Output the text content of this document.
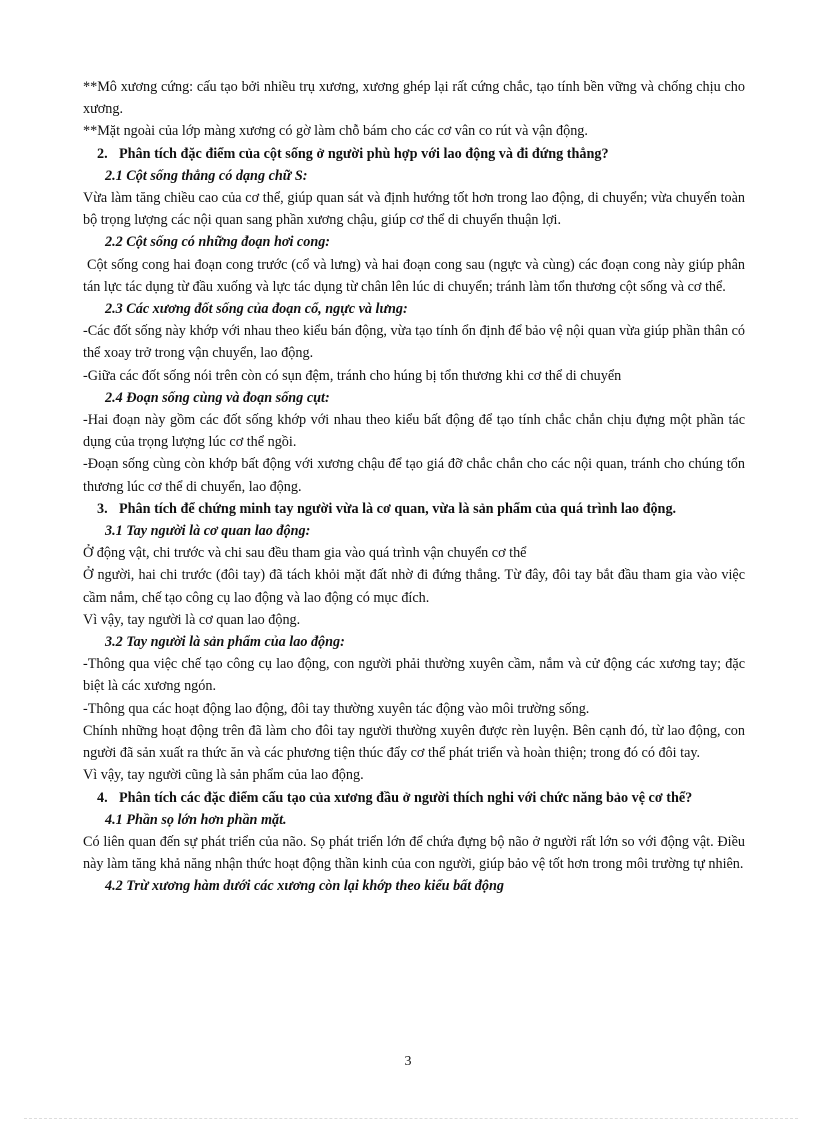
**Mô xương cứng: cấu tạo bởi nhiều trụ xương, xương ghép lại rất cứng chắc, tạo tính bền vững và chống chịu cho xương.

**Mặt ngoài của lớp màng xương có gờ làm chỗ bám cho các cơ vân co rút và vận động.

2. Phân tích đặc điểm của cột sống ở người phù hợp với lao động và đi đứng thẳng?

2.1 Cột sống thẳng có dạng chữ S:

Vừa làm tăng chiều cao của cơ thể, giúp quan sát và định hướng tốt hơn trong lao động, di chuyển; vừa chuyển toàn bộ trọng lượng các nội quan sang phần xương chậu, giúp cơ thể di chuyển thuận lợi.

2.2 Cột sống có những đoạn hơi cong:

Cột sống cong hai đoạn cong trước (cổ và lưng) và hai đoạn cong sau (ngực và cùng) các đoạn cong này giúp phân tán lực tác dụng từ đầu xuống và lực tác dụng từ chân lên lúc di chuyển; tránh làm tổn thương cột sống và cơ thể.

2.3 Các xương đốt sống của đoạn cổ, ngực và lưng:

-Các đốt sống này khớp với nhau theo kiểu bán động, vừa tạo tính ổn định để bảo vệ nội quan vừa giúp phần thân có thể xoay trở trong vận chuyển, lao động.

-Giữa các đốt sống nói trên còn có sụn đệm, tránh cho húng bị tổn thương khi cơ thể di chuyển

2.4 Đoạn sống cùng và đoạn sống cụt:

-Hai đoạn này gồm các đốt sống khớp với nhau theo kiểu bất động để tạo tính chắc chắn chịu đựng một phần tác dụng của trọng lượng lúc cơ thể ngồi.

-Đoạn sống cùng còn khớp bất động với xương chậu để tạo giá đỡ chắc chắn cho các nội quan, tránh cho chúng tổn thương lúc cơ thể di chuyển, lao động.

3. Phân tích để chứng minh tay người vừa là cơ quan, vừa là sản phẩm của quá trình lao động.

3.1 Tay người là cơ quan lao động:

Ở động vật, chi trước và chi sau đều tham gia vào quá trình vận chuyển cơ thể

Ở người, hai chi trước (đôi tay) đã tách khỏi mặt đất nhờ đi đứng thẳng. Từ đây, đôi tay bắt đầu tham gia vào việc cầm nắm, chế tạo công cụ lao động và lao động có mục đích.

Vì vậy, tay người là cơ quan lao động.

3.2 Tay người là sản phẩm của lao động:

-Thông qua việc chế tạo công cụ lao động, con người phải thường xuyên cầm, nắm và cử động các xương tay; đặc biệt là các xương ngón.

-Thông qua các hoạt động lao động, đôi tay thường xuyên tác động vào môi trường sống.

Chính những hoạt động trên đã làm cho đôi tay người thường xuyên được rèn luyện. Bên cạnh đó, từ lao động, con người đã sản xuất ra thức ăn và các phương tiện thúc đẩy cơ thể phát triển và hoàn thiện; trong đó có đôi tay.

Vì vậy, tay người cũng là sản phẩm của lao động.

4. Phân tích các đặc điểm cấu tạo của xương đầu ở người thích nghi với chức năng bảo vệ cơ thể?

4.1 Phần sọ lớn hơn phần mặt.

Có liên quan đến sự phát triển của não. Sọ phát triển lớn để chứa đựng bộ não ở người rất lớn so với động vật. Điều này làm tăng khả năng nhận thức hoạt động thần kinh của con người, giúp bảo vệ tốt hơn trong môi trường tự nhiên.

4.2 Trừ xương hàm dưới các xương còn lại khớp theo kiểu bất động

3
